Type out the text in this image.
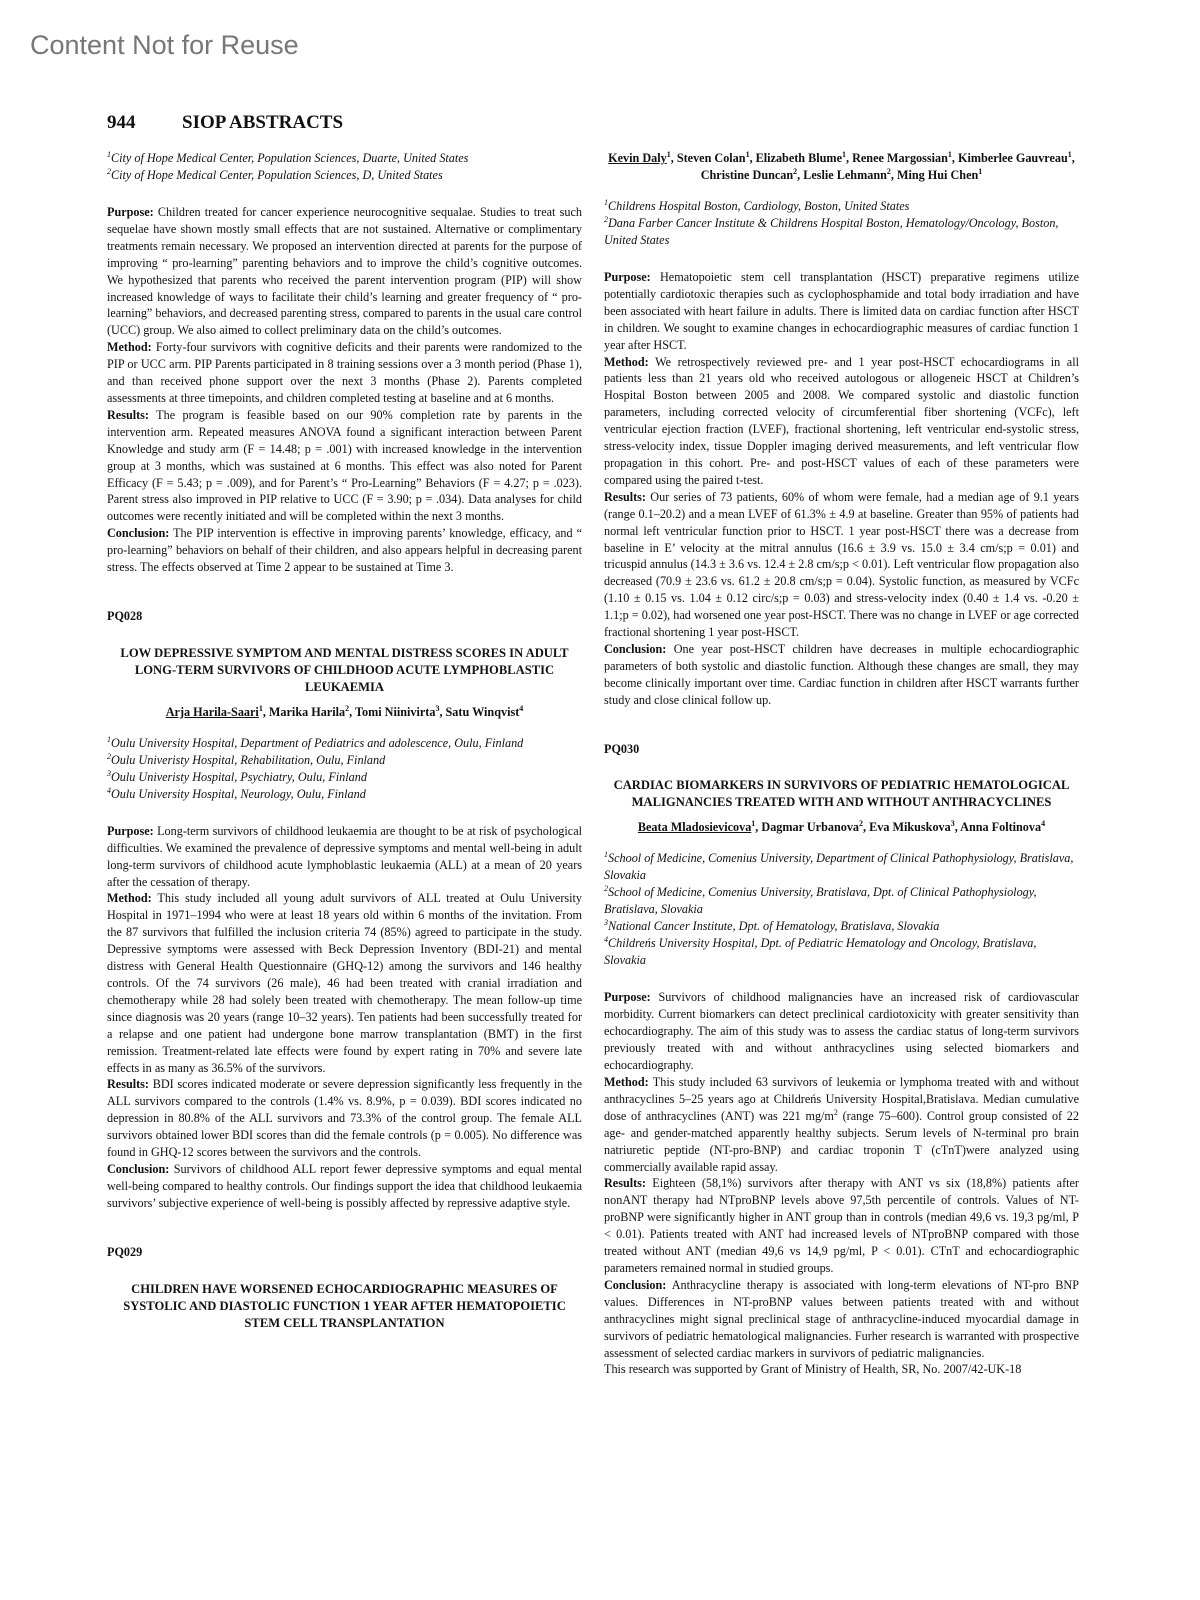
Content Not for Reuse
944 SIOP ABSTRACTS

$^1$City of Hope Medical Center, Population Sciences, Duarte, United States

$^2$City of Hope Medical Center, Population Sciences, D, United States

Purpose: Children treated for cancer experience neurocognitive sequalae. Studies to treat such sequelae have shown mostly small effects that are not sustained. Alternative or complimentary treatments remain necessary. We proposed an intervention directed at parents for the purpose of improving “ pro-learning” parenting behaviors and to improve the child’s cognitive outcomes. We hypothesized that parents who received the parent intervention program (PIP) will show increased knowledge of ways to facilitate their child’s learning and greater frequency of “ pro-learning” behaviors, and decreased parenting stress, compared to parents in the usual care control (UCC) group. We also aimed to collect preliminary data on the child’s outcomes.

Method: Forty-four survivors with cognitive deficits and their parents were randomized to the PIP or UCC arm. PIP Parents participated in 8 training sessions over a 3 month period (Phase 1), and than received phone support over the next 3 months (Phase 2). Parents completed assessments at three timepoints, and children completed testing at baseline and at 6 months.

Results: The program is feasible based on our 90% completion rate by parents in the intervention arm. Repeated measures ANOVA found a significant interaction between Parent Knowledge and study arm (F = 14.48; p = .001) with increased knowledge in the intervention group at 3 months, which was sustained at 6 months. This effect was also noted for Parent Efficacy (F = 5.43; p = .009), and for Parent’s “ Pro-Learning” Behaviors (F = 4.27; p = .023). Parent stress also improved in PIP relative to UCC (F = 3.90; p = .034). Data analyses for child outcomes were recently initiated and will be completed within the next 3 months.

Conclusion: The PIP intervention is effective in improving parents’ knowledge, efficacy, and “ pro-learning” behaviors on behalf of their children, and also appears helpful in decreasing parent stress. The effects observed at Time 2 appear to be sustained at Time 3.

PQ028

LOW DEPRESSIVE SYMPTOM AND MENTAL DISTRESS SCORES IN ADULT LONG-TERM SURVIVORS OF CHILDHOOD ACUTE LYMPHOBLASTIC LEUKAEMIA

Arja Harila-Saari$^1$, Marika Harila$^2$, Tomi Niinivirta$^3$, Satu Winqvist$^4$

$^1$Oulu University Hospital, Department of Pediatrics and adolescence, Oulu, Finland

$^2$Oulu Univeristy Hospital, Rehabilitation, Oulu, Finland

$^3$Oulu Univeristy Hospital, Psychiatry, Oulu, Finland

$^4$Oulu University Hospital, Neurology, Oulu, Finland

Purpose: Long-term survivors of childhood leukaemia are thought to be at risk of psychological difficulties. We examined the prevalence of depressive symptoms and mental well-being in adult long-term survivors of childhood acute lymphoblastic leukaemia (ALL) at a mean of 20 years after the cessation of therapy.

Method: This study included all young adult survivors of ALL treated at Oulu University Hospital in 1971–1994 who were at least 18 years old within 6 months of the invitation. From the 87 survivors that fulfilled the inclusion criteria 74 (85%) agreed to participate in the study. Depressive symptoms were assessed with Beck Depression Inventory (BDI-21) and mental distress with General Health Questionnaire (GHQ-12) among the survivors and 146 healthy controls. Of the 74 survivors (26 male), 46 had been treated with cranial irradiation and chemotherapy while 28 had solely been treated with chemotherapy. The mean follow-up time since diagnosis was 20 years (range 10–32 years). Ten patients had been successfully treated for a relapse and one patient had undergone bone marrow transplantation (BMT) in the first remission. Treatment-related late effects were found by expert rating in 70% and severe late effects in as many as 36.5% of the survivors.

Results: BDI scores indicated moderate or severe depression significantly less frequently in the ALL survivors compared to the controls (1.4% vs. 8.9%, p = 0.039). BDI scores indicated no depression in 80.8% of the ALL survivors and 73.3% of the control group. The female ALL survivors obtained lower BDI scores than did the female controls (p = 0.005). No difference was found in GHQ-12 scores between the survivors and the controls.

Conclusion: Survivors of childhood ALL report fewer depressive symptoms and equal mental well-being compared to healthy controls. Our findings support the idea that childhood leukaemia survivors’ subjective experience of well-being is possibly affected by repressive adaptive style.

PQ029

CHILDREN HAVE WORSENED ECHOCARDIOGRAPHIC MEASURES OF SYSTOLIC AND DIASTOLIC FUNCTION 1 YEAR AFTER HEMATOPOIETIC STEM CELL TRANSPLANTATION

Kevin Daly$^1$, Steven Colan$^1$, Elizabeth Blume$^1$, Renee Margossian$^1$, Kimberlee Gauvreau$^1$, Christine Duncan$^2$, Leslie Lehmann$^2$, Ming Hui Chen$^1$

$^1$Childrens Hospital Boston, Cardiology, Boston, United States

$^2$Dana Farber Cancer Institute & Childrens Hospital Boston, Hematology/Oncology, Boston, United States

Purpose: Hematopoietic stem cell transplantation (HSCT) preparative regimens utilize potentially cardiotoxic therapies such as cyclophosphamide and total body irradiation and have been associated with heart failure in adults. There is limited data on cardiac function after HSCT in children. We sought to examine changes in echocardiographic measures of cardiac function 1 year after HSCT.

Method: We retrospectively reviewed pre- and 1 year post-HSCT echocardiograms in all patients less than 21 years old who received autologous or allogeneic HSCT at Children’s Hospital Boston between 2005 and 2008. We compared systolic and diastolic function parameters, including corrected velocity of circumferential fiber shortening (VCFc), left ventricular ejection fraction (LVEF), fractional shortening, left ventricular end-systolic stress, stress-velocity index, tissue Doppler imaging derived measurements, and left ventricular flow propagation in this cohort. Pre- and post-HSCT values of each of these parameters were compared using the paired t-test.

Results: Our series of 73 patients, 60% of whom were female, had a median age of 9.1 years (range 0.1–20.2) and a mean LVEF of 61.3% ± 4.9 at baseline. Greater than 95% of patients had normal left ventricular function prior to HSCT. 1 year post-HSCT there was a decrease from baseline in E’ velocity at the mitral annulus (16.6 ± 3.9 vs. 15.0 ± 3.4 cm/s;p = 0.01) and tricuspid annulus (14.3 ± 3.6 vs. 12.4 ± 2.8 cm/s;p < 0.01). Left ventricular flow propagation also decreased (70.9 ± 23.6 vs. 61.2 ± 20.8 cm/s;p = 0.04). Systolic function, as measured by VCFc (1.10 ± 0.15 vs. 1.04 ± 0.12 circ/s;p = 0.03) and stress-velocity index (0.40 ± 1.4 vs. -0.20 ± 1.1;p = 0.02), had worsened one year post-HSCT. There was no change in LVEF or age corrected fractional shortening 1 year post-HSCT.

Conclusion: One year post-HSCT children have decreases in multiple echocardiographic parameters of both systolic and diastolic function. Although these changes are small, they may become clinically important over time. Cardiac function in children after HSCT warrants further study and close clinical follow up.

PQ030

CARDIAC BIOMARKERS IN SURVIVORS OF PEDIATRIC HEMATOLOGICAL MALIGNANCIES TREATED WITH AND WITHOUT ANTHRACYCLINES

Beata Mladosievicova$^1$, Dagmar Urbanova$^2$, Eva Mikuskova$^3$, Anna Foltinova$^4$

$^1$School of Medicine, Comenius University, Department of Clinical Pathophysiology, Bratislava, Slovakia

$^2$School of Medicine, Comenius University, Bratislava, Dpt. of Clinical Pathophysiology, Bratislava, Slovakia

$^3$National Cancer Institute, Dpt. of Hematology, Bratislava, Slovakia

$^4$Childreńs University Hospital, Dpt. of Pediatric Hematology and Oncology, Bratislava, Slovakia

Purpose: Survivors of childhood malignancies have an increased risk of cardiovascular morbidity. Current biomarkers can detect preclinical cardiotoxicity with greater sensitivity than echocardiography. The aim of this study was to assess the cardiac status of long-term survivors previously treated with and without anthracyclines using selected biomarkers and echocardiography.

Method: This study included 63 survivors of leukemia or lymphoma treated with and without anthracyclines 5–25 years ago at Childreńs University Hospital,Bratislava. Median cumulative dose of anthracyclines (ANT) was 221 $mg/m^2$ (range 75–600). Control group consisted of 22 age- and gender-matched apparently healthy subjects. Serum levels of N-terminal pro brain natriuretic peptide (NT-pro-BNP) and cardiac troponin T (cTnT)were analyzed using commercially available rapid assay.

Results: Eighteen (58,1%) survivors after therapy with ANT vs six (18,8%) patients after nonANT therapy had NTproBNP levels above 97,5th percentile of controls. Values of NT-proBNP were significantly higher in ANT group than in controls (median 49,6 vs. 19,3 pg/ml, P < 0.01). Patients treated with ANT had increased levels of NTproBNP compared with those treated without ANT (median 49,6 vs 14,9 pg/ml, P < 0.01). CTnT and echocardiographic parameters remained normal in studied groups.

Conclusion: Anthracycline therapy is associated with long-term elevations of NT-pro BNP values. Differences in NT-proBNP values between patients treated with and without anthracyclines might signal preclinical stage of anthracycline-induced myocardial damage in survivors of pediatric hematological malignancies. Furher research is warranted with prospective assessment of selected cardiac markers in survivors of pediatric malignancies.

This research was supported by Grant of Ministry of Health, SR, No. 2007/42-UK-18
